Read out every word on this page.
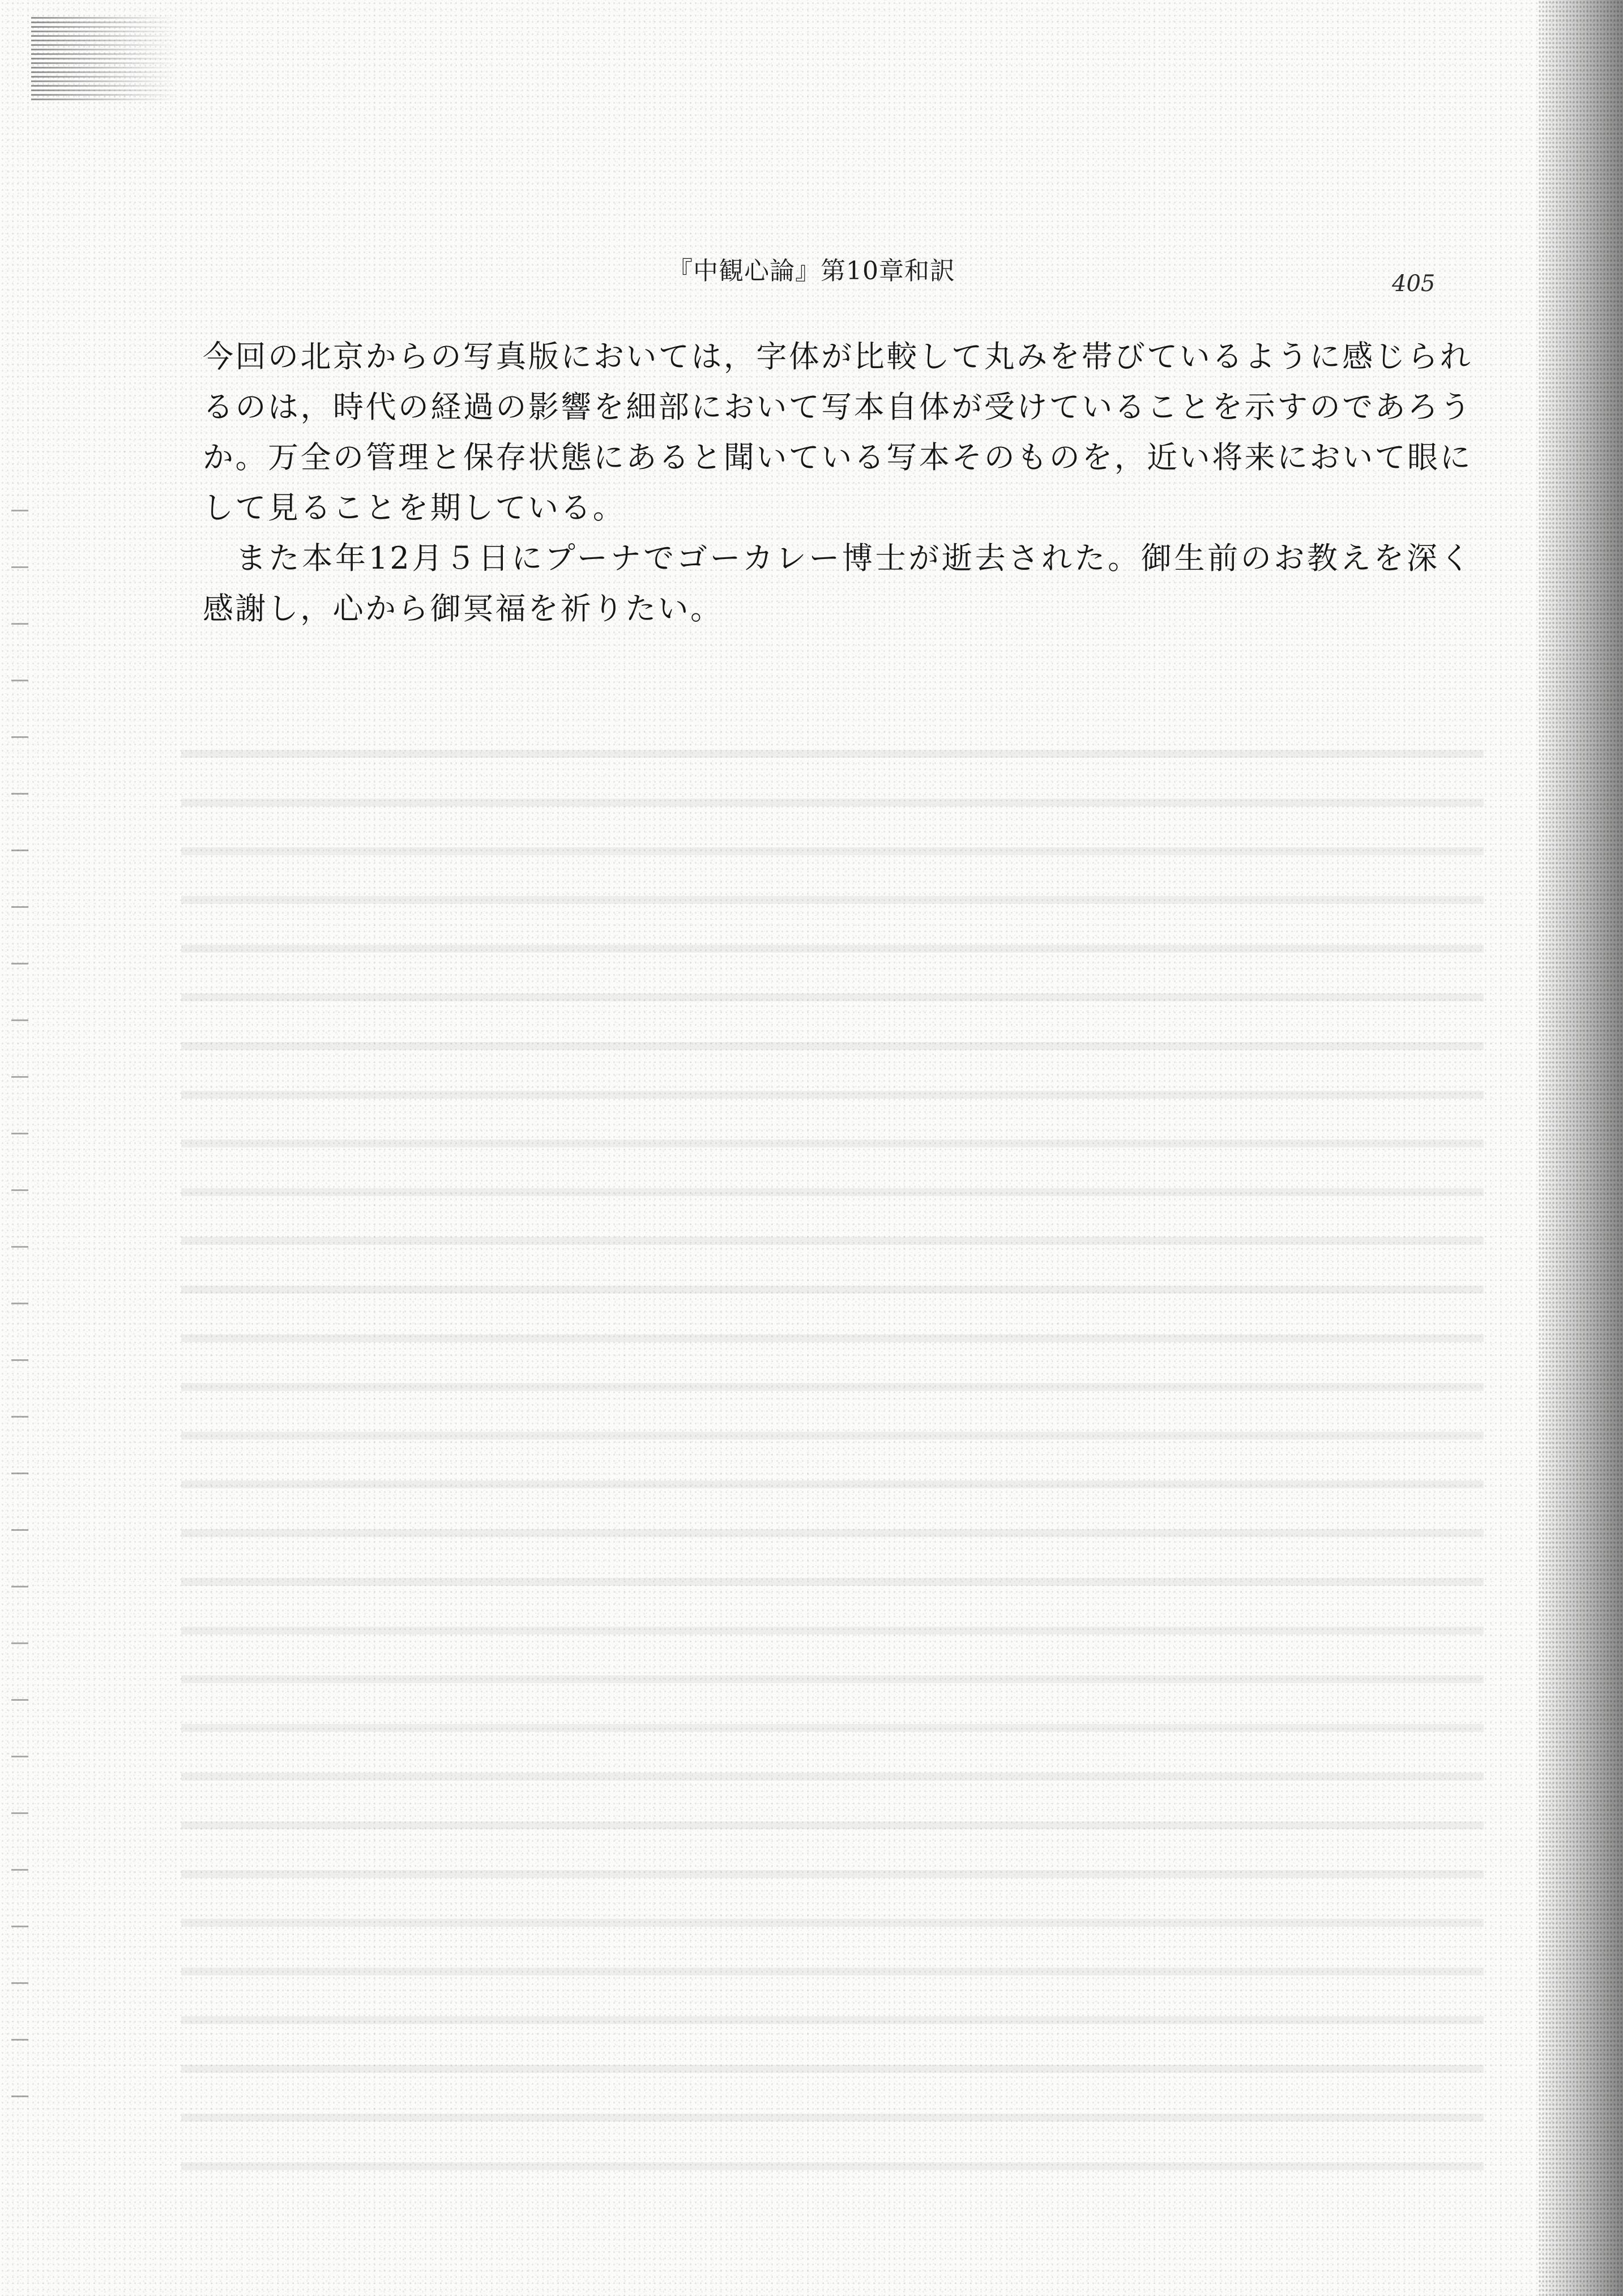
『中観心論』第10章和訳	405

今回の北京からの写真版においては，字体が比較して丸みを帯びているように感じられるのは，時代の経過の影響を細部において写本自体が受けていることを示すのであろうか。万全の管理と保存状態にあると聞いている写本そのものを，近い将来において眼にして見ることを期している。

また本年12月５日にプーナでゴーカレー博士が逝去された。御生前のお教えを深く感謝し，心から御冥福を祈りたい。
